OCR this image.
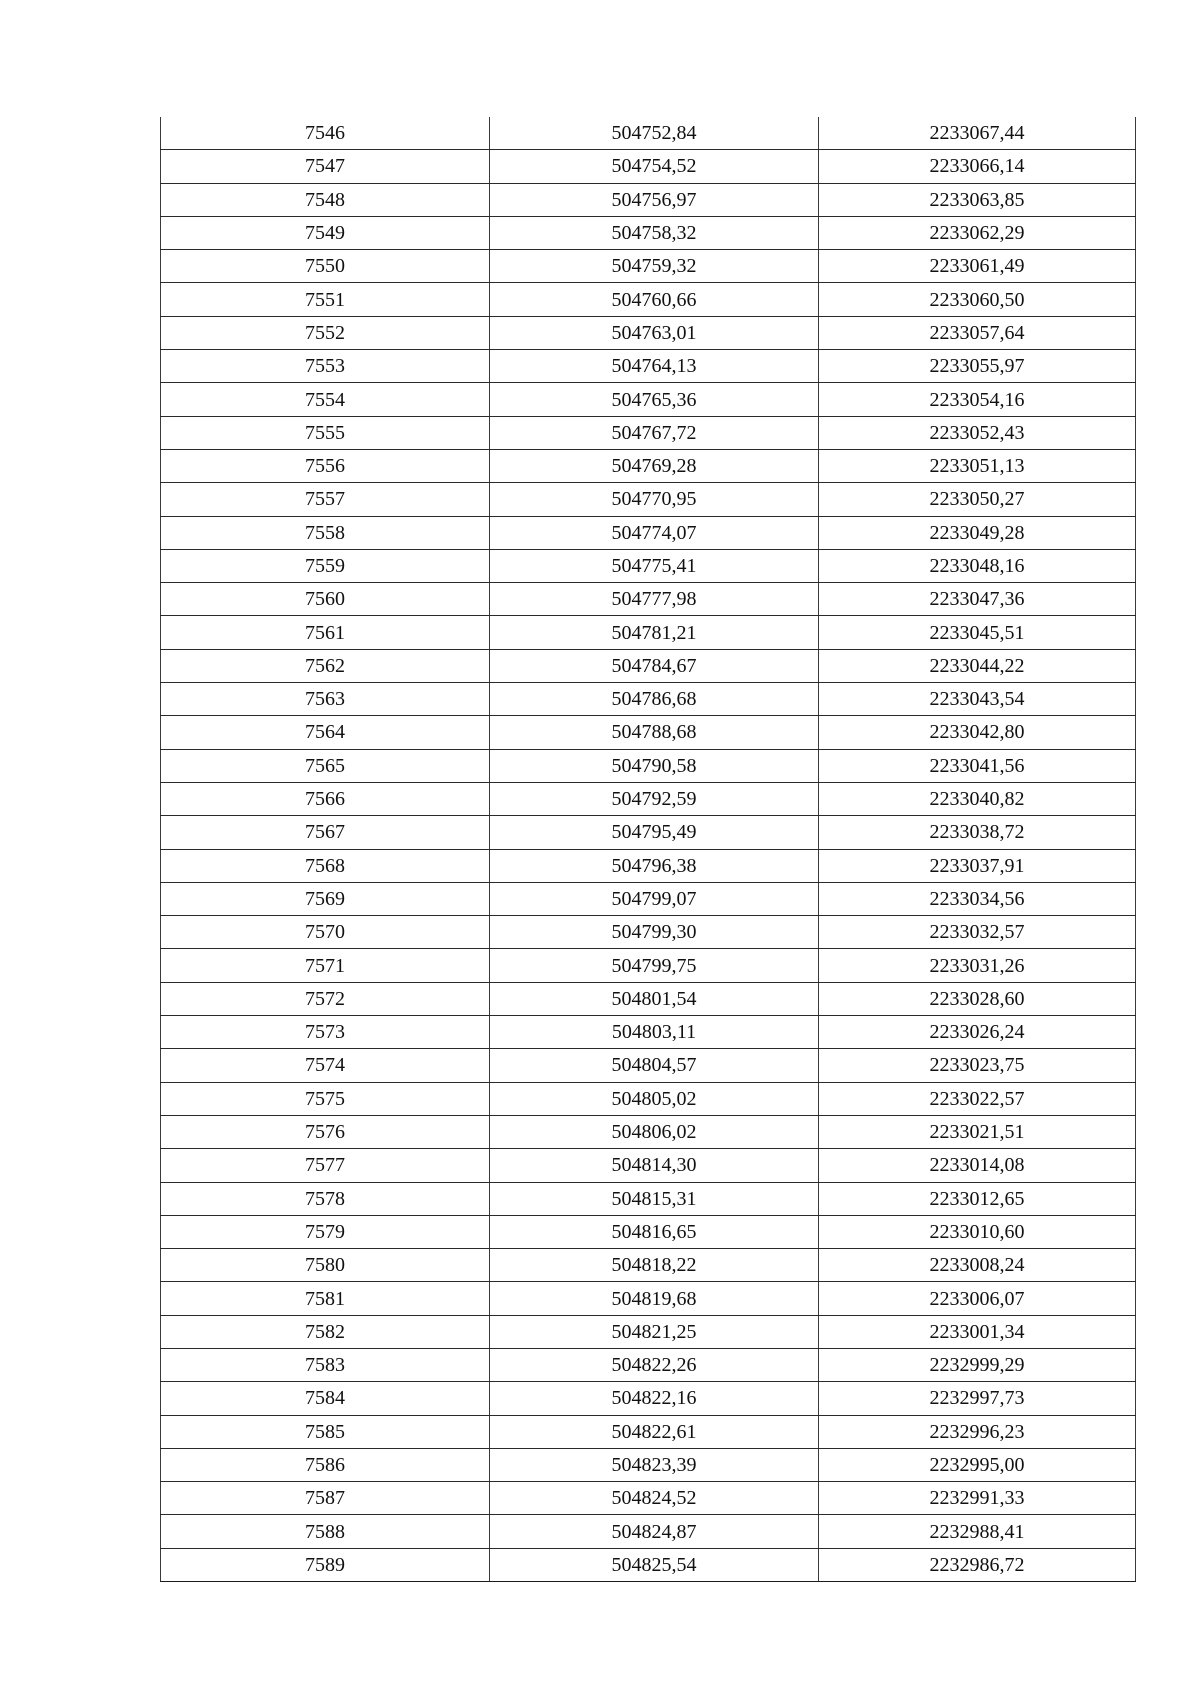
7546	504752,84	2233067,44
7547	504754,52	2233066,14
7548	504756,97	2233063,85
7549	504758,32	2233062,29
7550	504759,32	2233061,49
7551	504760,66	2233060,50
7552	504763,01	2233057,64
7553	504764,13	2233055,97
7554	504765,36	2233054,16
7555	504767,72	2233052,43
7556	504769,28	2233051,13
7557	504770,95	2233050,27
7558	504774,07	2233049,28
7559	504775,41	2233048,16
7560	504777,98	2233047,36
7561	504781,21	2233045,51
7562	504784,67	2233044,22
7563	504786,68	2233043,54
7564	504788,68	2233042,80
7565	504790,58	2233041,56
7566	504792,59	2233040,82
7567	504795,49	2233038,72
7568	504796,38	2233037,91
7569	504799,07	2233034,56
7570	504799,30	2233032,57
7571	504799,75	2233031,26
7572	504801,54	2233028,60
7573	504803,11	2233026,24
7574	504804,57	2233023,75
7575	504805,02	2233022,57
7576	504806,02	2233021,51
7577	504814,30	2233014,08
7578	504815,31	2233012,65
7579	504816,65	2233010,60
7580	504818,22	2233008,24
7581	504819,68	2233006,07
7582	504821,25	2233001,34
7583	504822,26	2232999,29
7584	504822,16	2232997,73
7585	504822,61	2232996,23
7586	504823,39	2232995,00
7587	504824,52	2232991,33
7588	504824,87	2232988,41
7589	504825,54	2232986,72
